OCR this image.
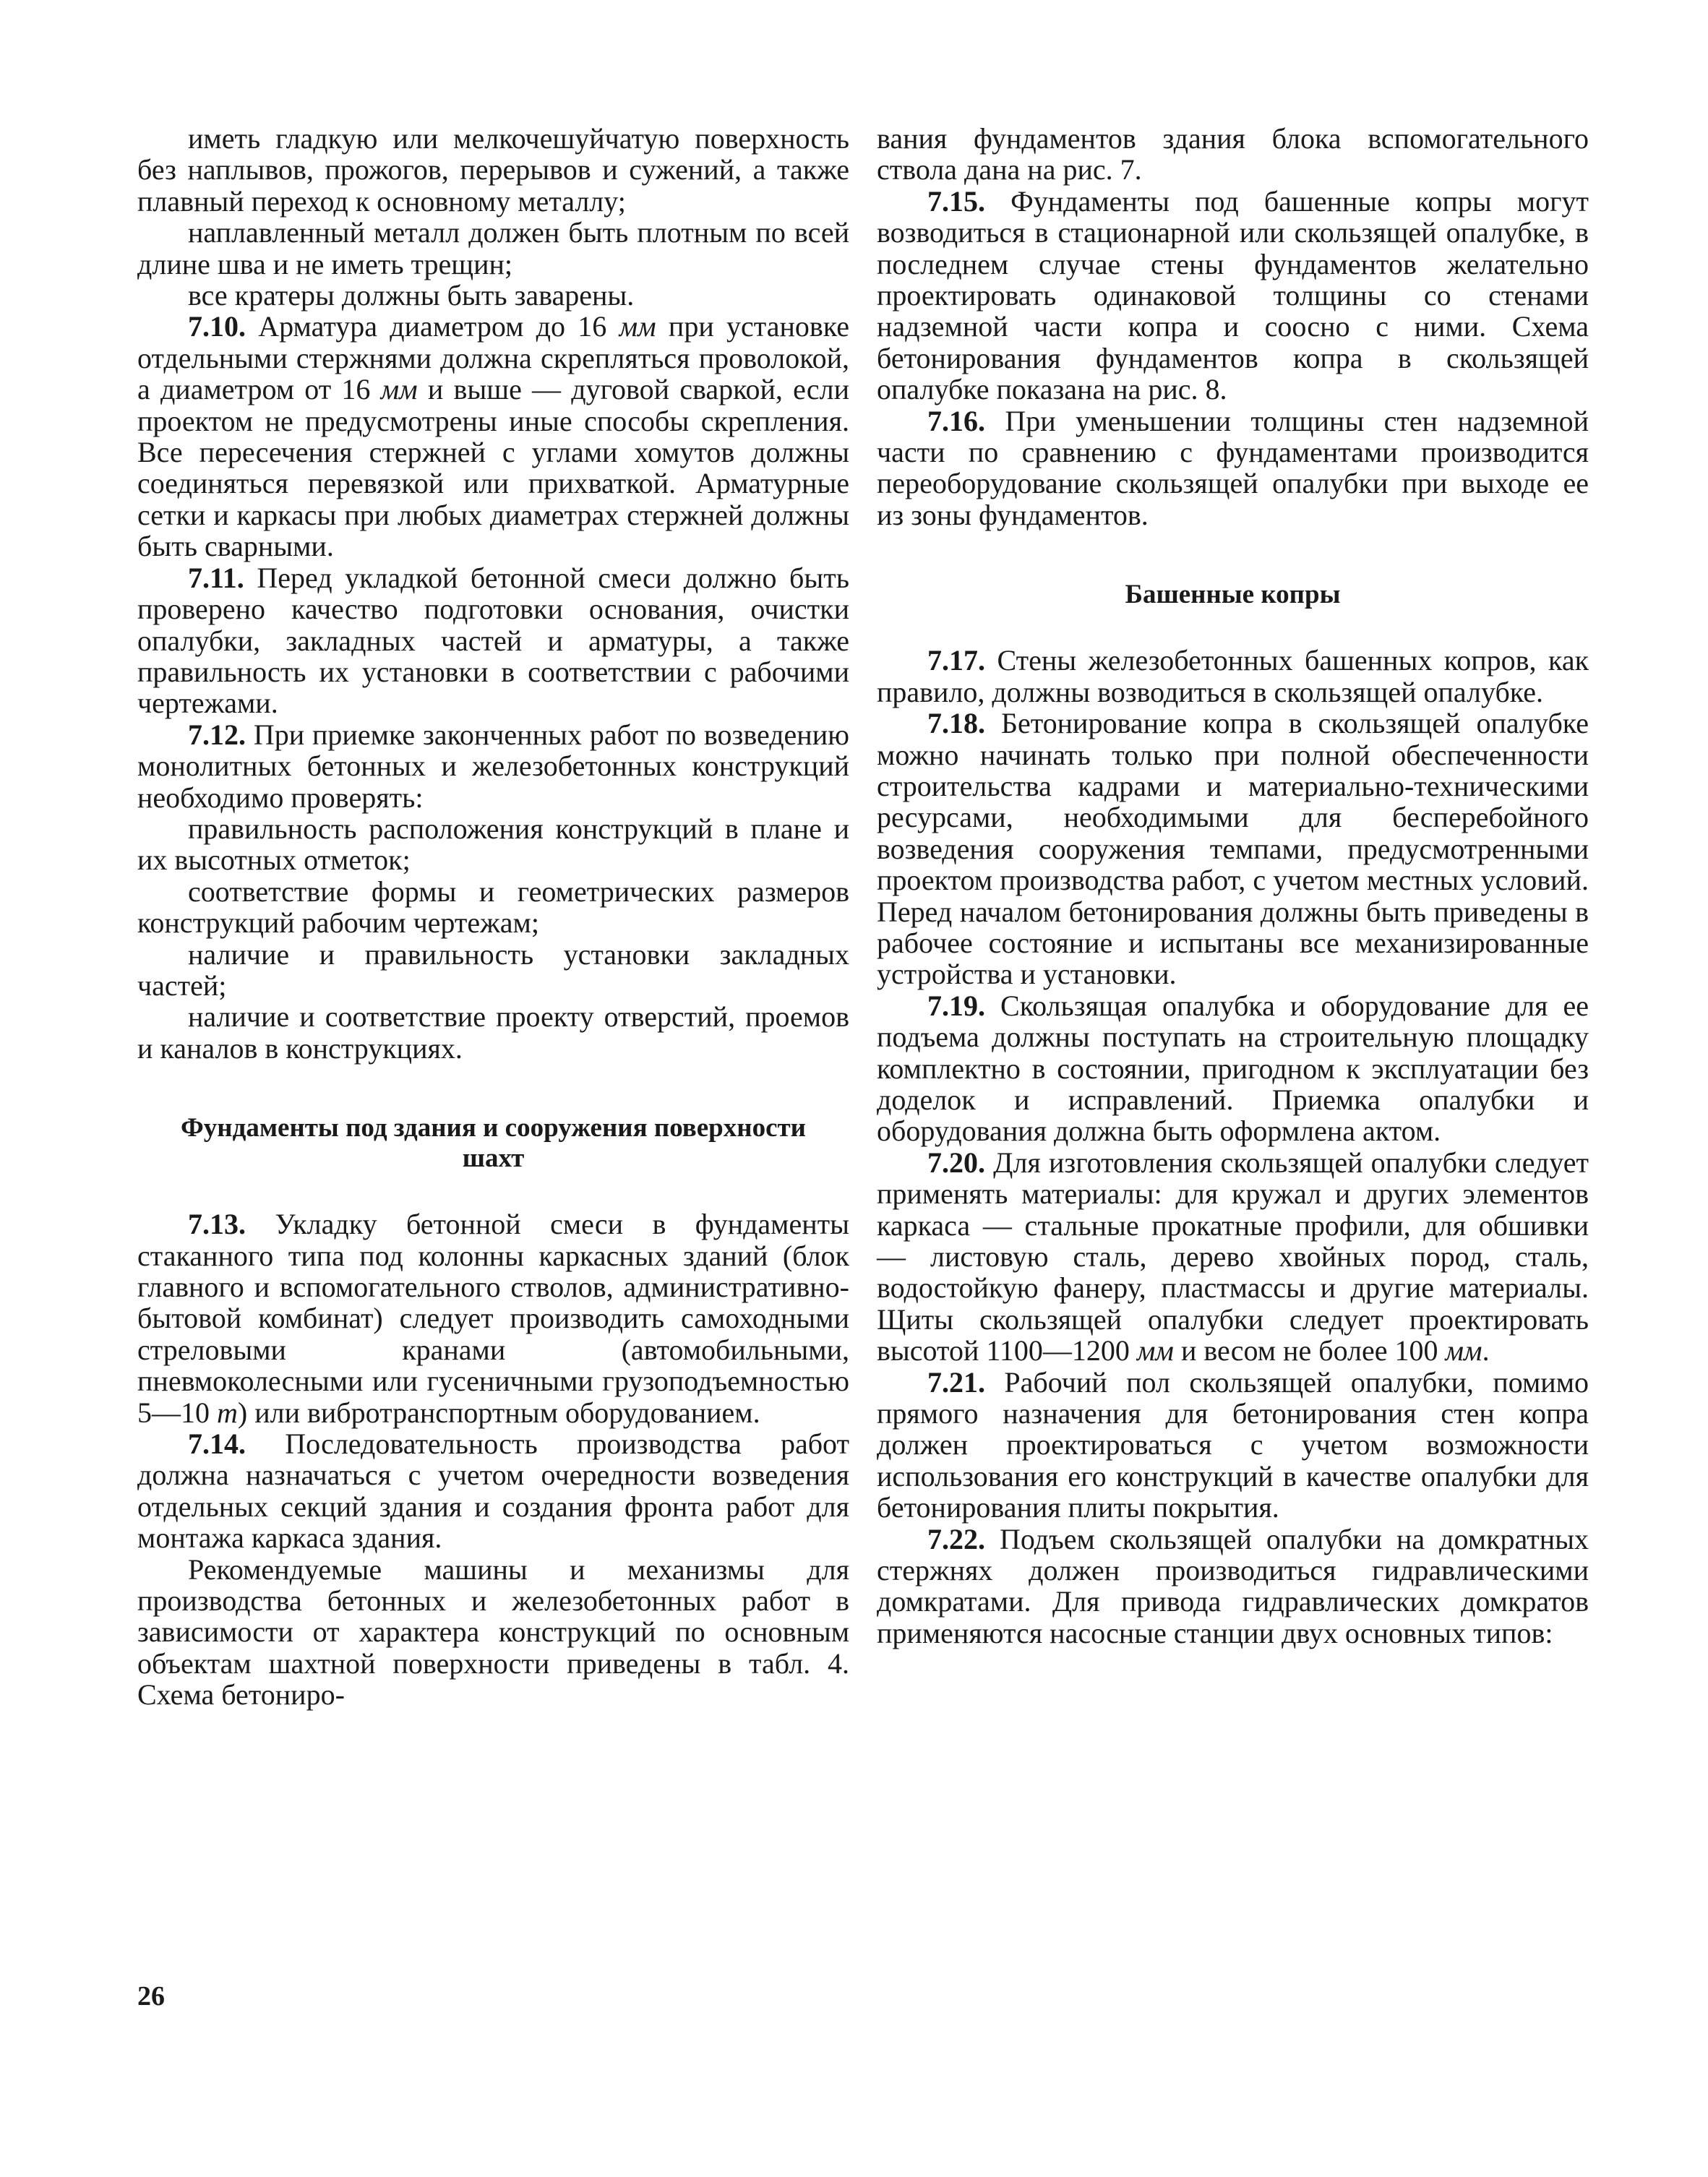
иметь гладкую или мелкочешуйчатую поверхность без наплывов, прожогов, перерывов и сужений, а также плавный переход к основному металлу;

наплавленный металл должен быть плотным по всей длине шва и не иметь трещин;

все кратеры должны быть заварены.

7.10. Арматура диаметром до 16 мм при установке отдельными стержнями должна скрепляться проволокой, а диаметром от 16 мм и выше — дуговой сваркой, если проектом не предусмотрены иные способы скрепления. Все пересечения стержней с углами хомутов должны соединяться перевязкой или прихваткой. Арматурные сетки и каркасы при любых диаметрах стержней должны быть сварными.

7.11. Перед укладкой бетонной смеси должно быть проверено качество подготовки основания, очистки опалубки, закладных частей и арматуры, а также правильность их установки в соответствии с рабочими чертежами.

7.12. При приемке законченных работ по возведению монолитных бетонных и железобетонных конструкций необходимо проверять:

правильность расположения конструкций в плане и их высотных отметок;

соответствие формы и геометрических размеров конструкций рабочим чертежам;

наличие и правильность установки закладных частей;

наличие и соответствие проекту отверстий, проемов и каналов в конструкциях.

Фундаменты под здания и сооружения поверхности шахт

7.13. Укладку бетонной смеси в фундаменты стаканного типа под колонны каркасных зданий (блок главного и вспомогательного стволов, административно-бытовой комбинат) следует производить самоходными стреловыми кранами (автомобильными, пневмоколесными или гусеничными грузоподъемностью 5—10 т) или вибротранспортным оборудованием.

7.14. Последовательность производства работ должна назначаться с учетом очередности возведения отдельных секций здания и создания фронта работ для монтажа каркаса здания.

Рекомендуемые машины и механизмы для производства бетонных и железобетонных работ в зависимости от характера конструкций по основным объектам шахтной поверхности приведены в табл. 4. Схема бетониро-

вания фундаментов здания блока вспомогательного ствола дана на рис. 7.

7.15. Фундаменты под башенные копры могут возводиться в стационарной или скользящей опалубке, в последнем случае стены фундаментов желательно проектировать одинаковой толщины со стенами надземной части копра и соосно с ними. Схема бетонирования фундаментов копра в скользящей опалубке показана на рис. 8.

7.16. При уменьшении толщины стен надземной части по сравнению с фундаментами производится переоборудование скользящей опалубки при выходе ее из зоны фундаментов.

Башенные копры

7.17. Стены железобетонных башенных копров, как правило, должны возводиться в скользящей опалубке.

7.18. Бетонирование копра в скользящей опалубке можно начинать только при полной обеспеченности строительства кадрами и материально-техническими ресурсами, необходимыми для бесперебойного возведения сооружения темпами, предусмотренными проектом производства работ, с учетом местных условий. Перед началом бетонирования должны быть приведены в рабочее состояние и испытаны все механизированные устройства и установки.

7.19. Скользящая опалубка и оборудование для ее подъема должны поступать на строительную площадку комплектно в состоянии, пригодном к эксплуатации без доделок и исправлений. Приемка опалубки и оборудования должна быть оформлена актом.

7.20. Для изготовления скользящей опалубки следует применять материалы: для кружал и других элементов каркаса — стальные прокатные профили, для обшивки — листовую сталь, дерево хвойных пород, сталь, водостойкую фанеру, пластмассы и другие материалы. Щиты скользящей опалубки следует проектировать высотой 1100—1200 мм и весом не более 100 мм.

7.21. Рабочий пол скользящей опалубки, помимо прямого назначения для бетонирования стен копра должен проектироваться с учетом возможности использования его конструкций в качестве опалубки для бетонирования плиты покрытия.

7.22. Подъем скользящей опалубки на домкратных стержнях должен производиться гидравлическими домкратами. Для привода гидравлических домкратов применяются насосные станции двух основных типов:

26
